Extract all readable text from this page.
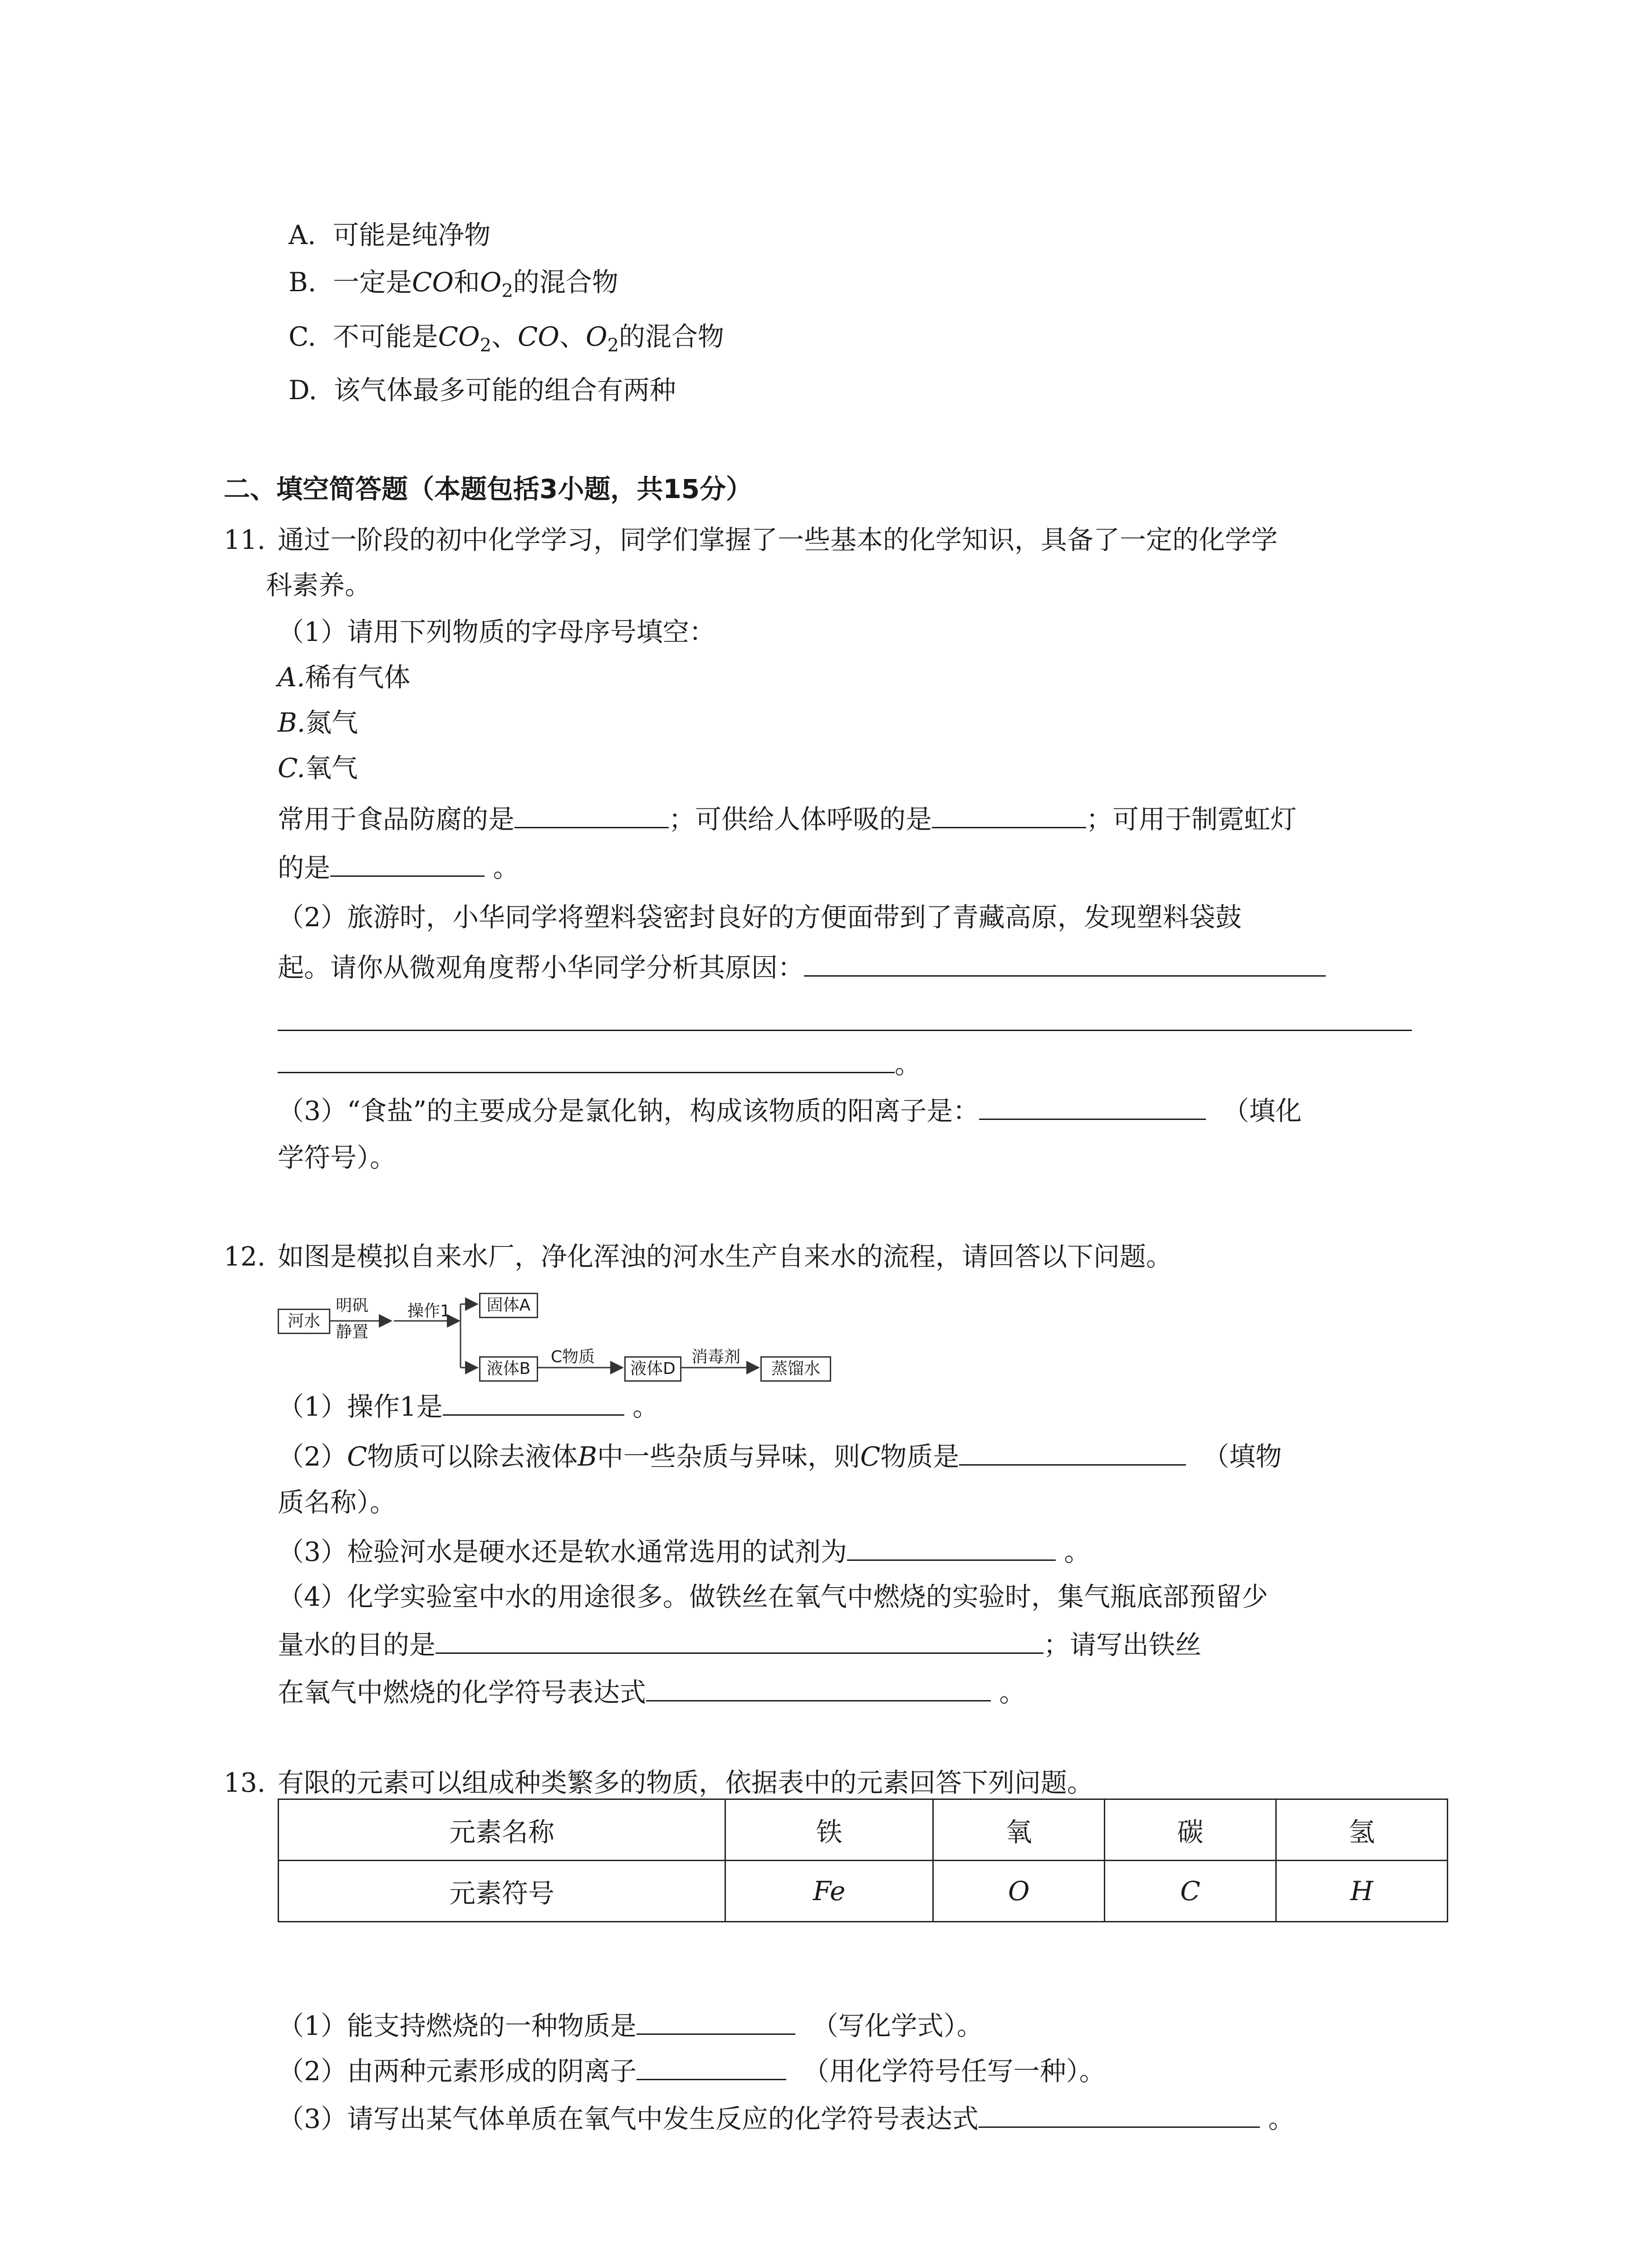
A. 可能是纯净物
B. 一定是CO和$O_2$的混合物
C. 不可能是$CO_2$、CO、$O_2$的混合物
D. 该气体最多可能的组合有两种
二、填空简答题（本题包括3小题，共15分）
11. 通过一阶段的初中化学学习，同学们掌握了一些基本的化学知识，具备了一定的化学学
科素养。
（1）请用下列物质的字母序号填空：
A.稀有气体
B.氮气
C.氧气
常用于食品防腐的是	；可供给人体呼吸的是	；可用于制霓虹灯
的是	。
（2）旅游时，小华同学将塑料袋密封良好的方便面带到了青藏高原，发现塑料袋鼓
起。请你从微观角度帮小华同学分析其原因：
。
（3）“食盐”的主要成分是氯化钠，构成该物质的阳离子是：	（填化
学符号）。
12. 如图是模拟自来水厂，净化浑浊的河水生产自来水的流程，请回答以下问题。
河水
明矾
静置
操作1	固体A
液体B
C物质
液体D
消毒剂
蒸馏水
（1）操作1是	。
（2）C物质可以除去液体B中一些杂质与异味，则C物质是	（填物
质名称）。
（3）检验河水是硬水还是软水通常选用的试剂为	。
（4）化学实验室中水的用途很多。做铁丝在氧气中燃烧的实验时，集气瓶底部预留少
量水的目的是	；请写出铁丝
在氧气中燃烧的化学符号表达式	。
13. 有限的元素可以组成种类繁多的物质，依据表中的元素回答下列问题。
元素名称	铁	氧	碳	氢
元素符号	Fe	O	C	H
（1）能支持燃烧的一种物质是	（写化学式）。
（2）由两种元素形成的阴离子	（用化学符号任写一种）。
（3）请写出某气体单质在氧气中发生反应的化学符号表达式	。
